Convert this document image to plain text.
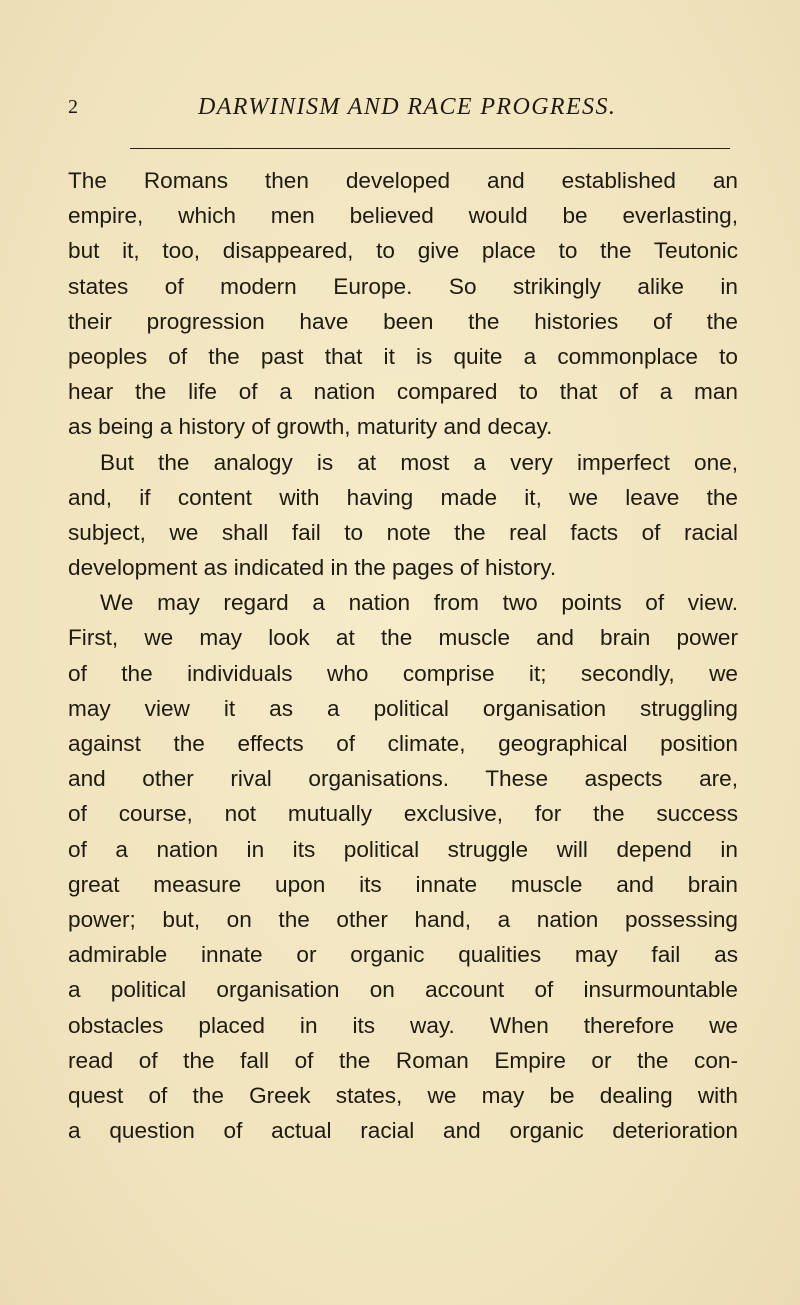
2	DARWINISM AND RACE PROGRESS.
The Romans then developed and established an
empire, which men believed would be everlasting,
but it, too, disappeared, to give place to the Teutonic
states of modern Europe. So strikingly alike in
their progression have been the histories of the
peoples of the past that it is quite a commonplace to
hear the life of a nation compared to that of a man
as being a history of growth, maturity and decay.
But the analogy is at most a very imperfect one,
and, if content with having made it, we leave the
subject, we shall fail to note the real facts of racial
development as indicated in the pages of history.
We may regard a nation from two points of view.
First, we may look at the muscle and brain power
of the individuals who comprise it; secondly, we
may view it as a political organisation struggling
against the effects of climate, geographical position
and other rival organisations. These aspects are,
of course, not mutually exclusive, for the success
of a nation in its political struggle will depend in
great measure upon its innate muscle and brain
power; but, on the other hand, a nation possessing
admirable innate or organic qualities may fail as
a political organisation on account of insurmountable
obstacles placed in its way. When therefore we
read of the fall of the Roman Empire or the con-
quest of the Greek states, we may be dealing with
a question of actual racial and organic deterioration
